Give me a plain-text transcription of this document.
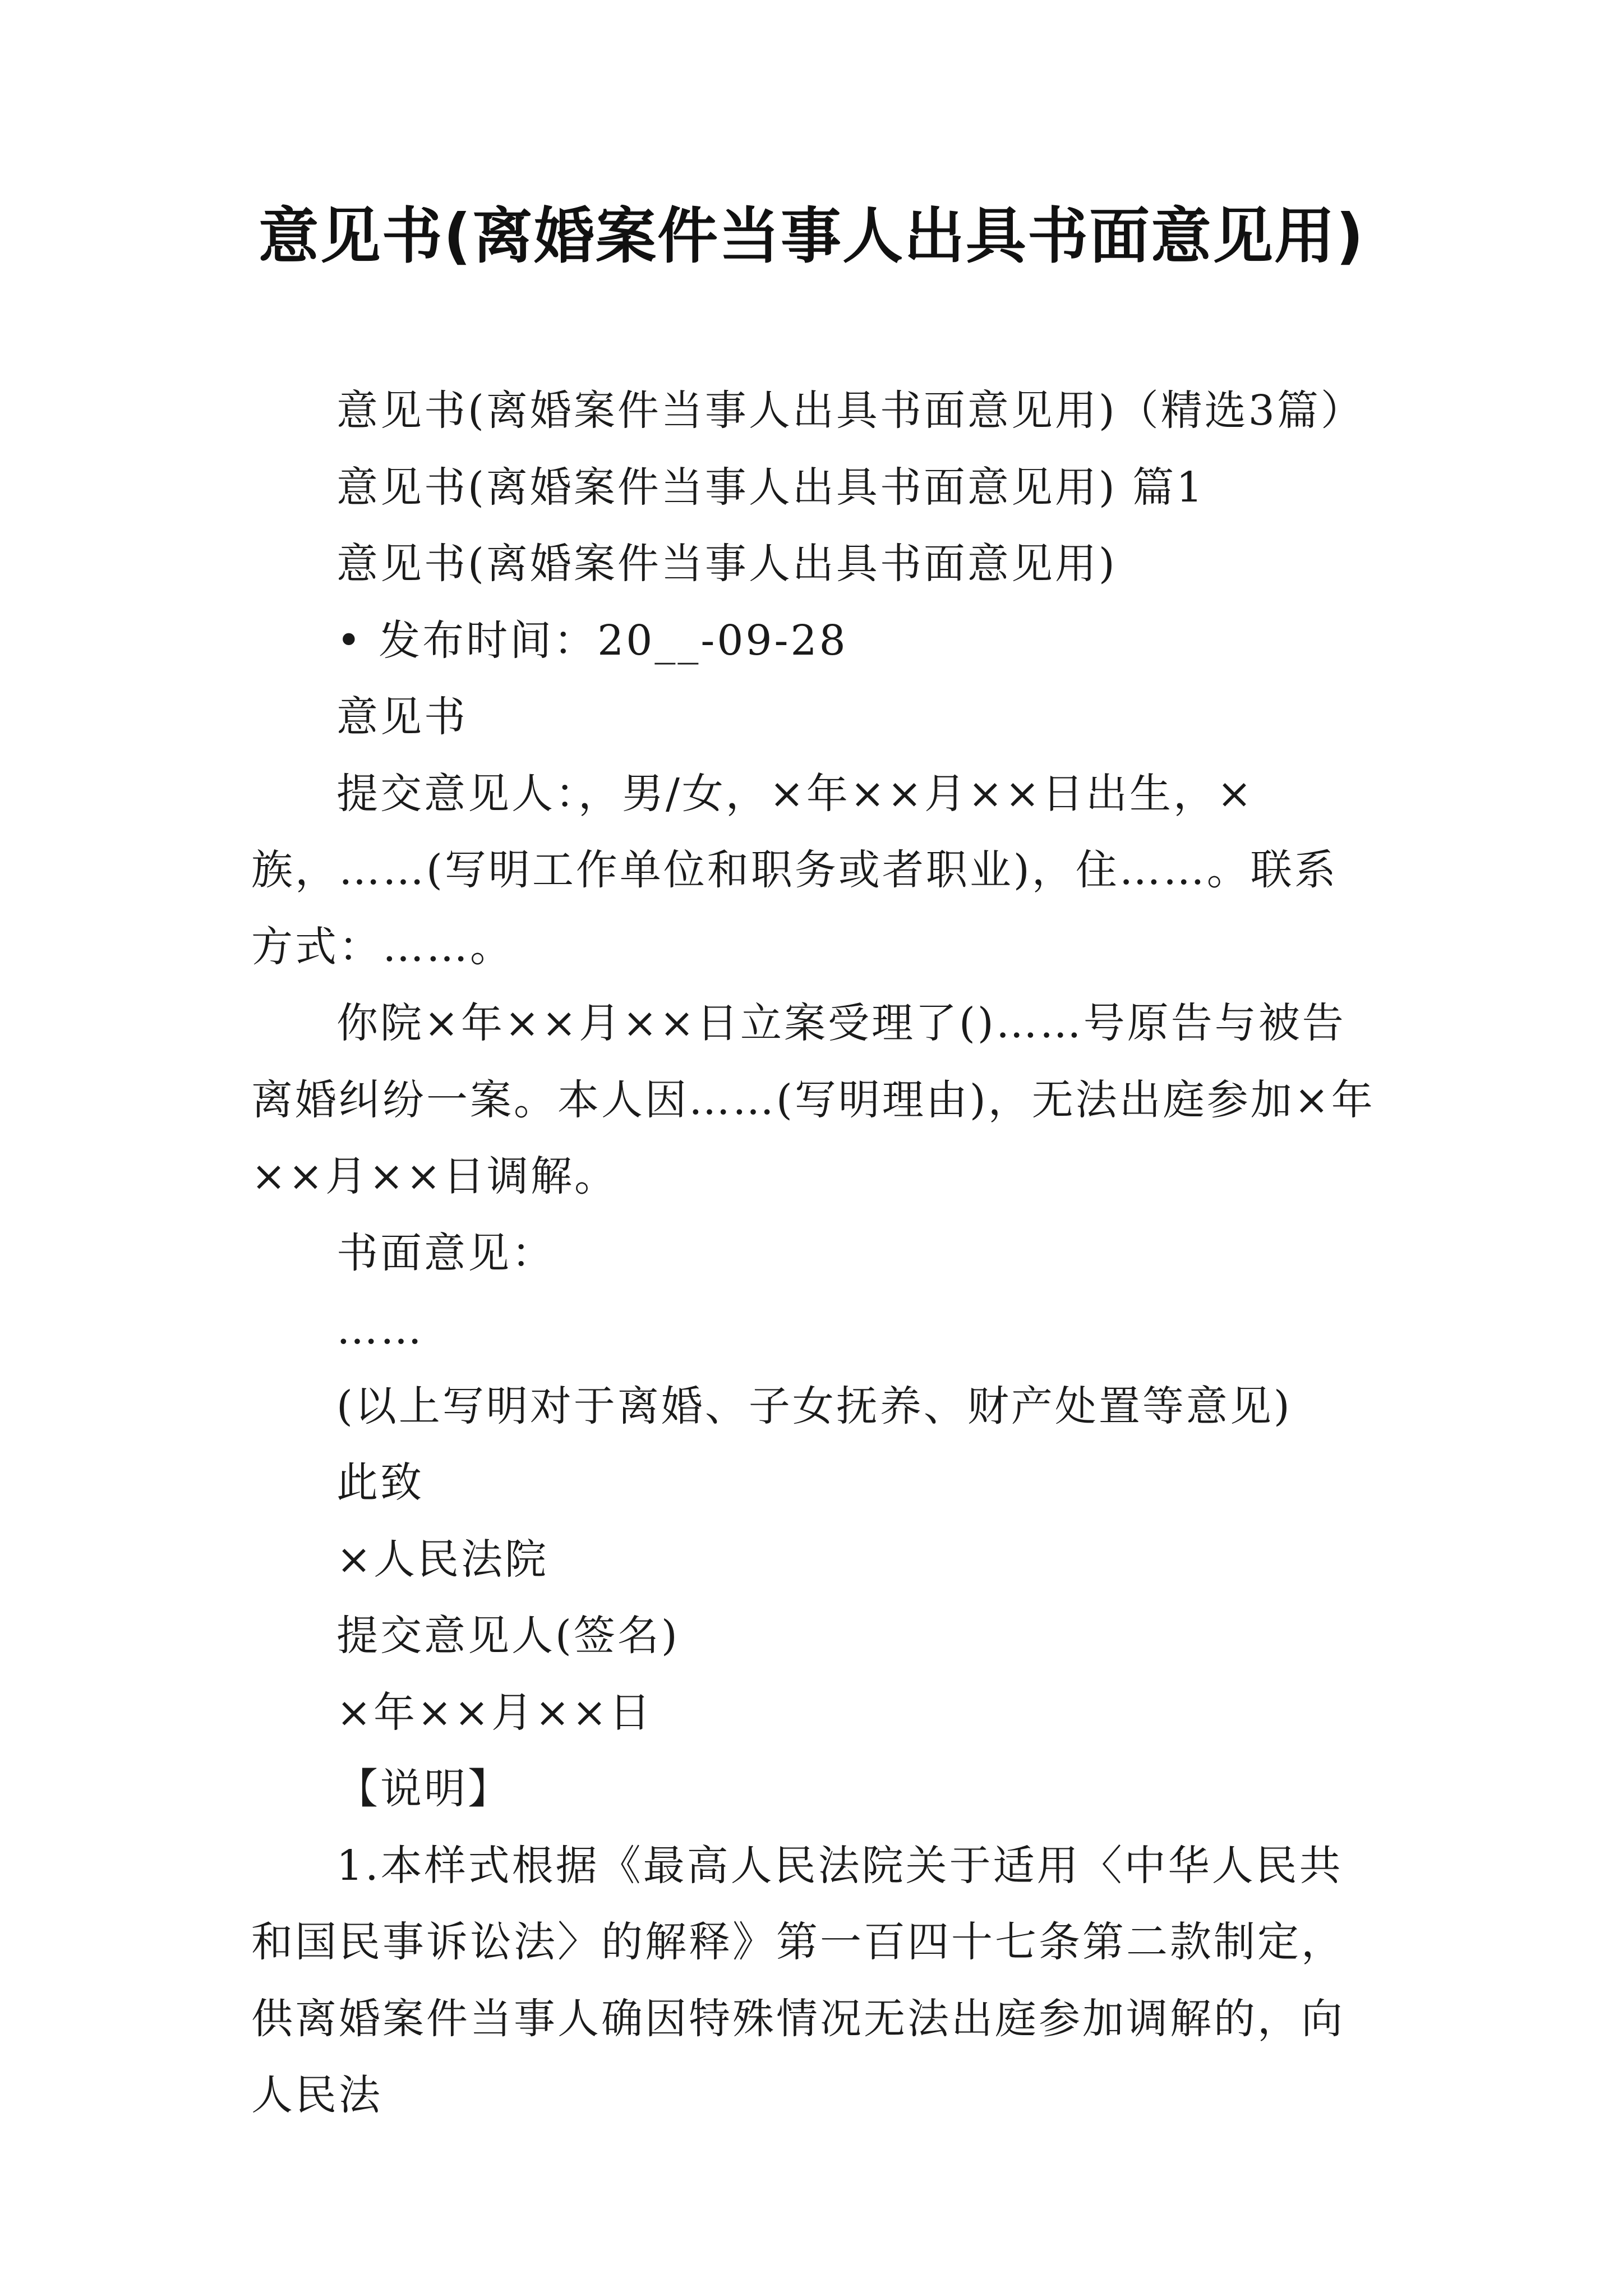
意见书(离婚案件当事人出具书面意见用)

意见书(离婚案件当事人出具书面意见用)（精选3篇）

意见书(离婚案件当事人出具书面意见用) 篇1

意见书(离婚案件当事人出具书面意见用)

• 发布时间：20__-09-28

意见书

提交意见人：，男/女，×年××月××日出生，×族，……(写明工作单位和职务或者职业)，住……。联系方式：……。

你院×年××月××日立案受理了()……号原告与被告离婚纠纷一案。本人因……(写明理由)，无法出庭参加×年××月××日调解。

书面意见：

……

(以上写明对于离婚、子女抚养、财产处置等意见)

此致

×人民法院

提交意见人(签名)

×年××月××日

【说明】

1.本样式根据《最高人民法院关于适用〈中华人民共和国民事诉讼法〉的解释》第一百四十七条第二款制定，供离婚案件当事人确因特殊情况无法出庭参加调解的，向人民法
